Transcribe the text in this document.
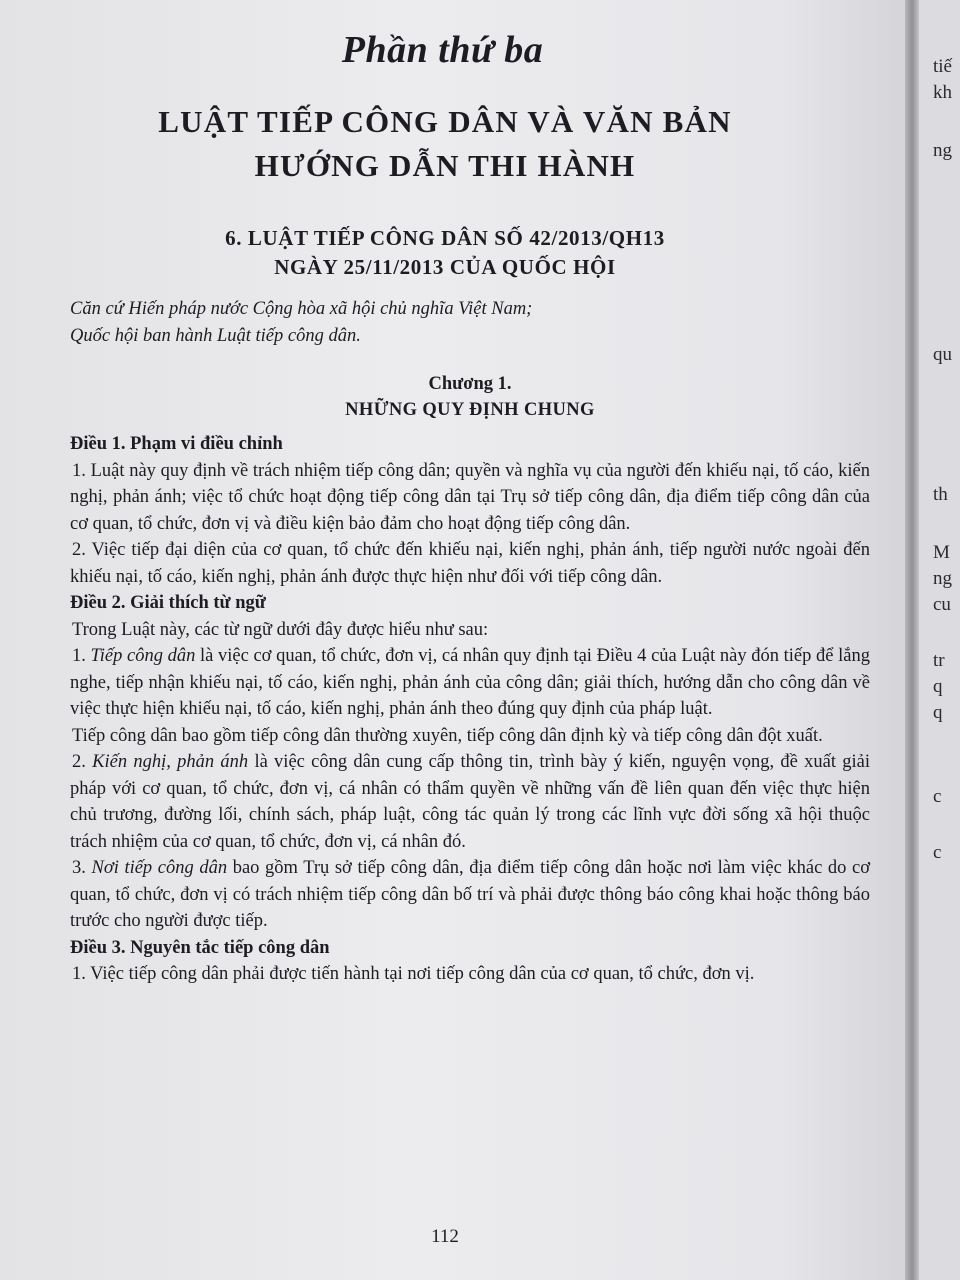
Phần thứ ba
LUẬT TIẾP CÔNG DÂN VÀ VĂN BẢN
HƯỚNG DẪN THI HÀNH
6. LUẬT TIẾP CÔNG DÂN SỐ 42/2013/QH13
NGÀY 25/11/2013 CỦA QUỐC HỘI

Căn cứ Hiến pháp nước Cộng hòa xã hội chủ nghĩa Việt Nam;

Quốc hội ban hành Luật tiếp công dân.

Chương 1.

NHỮNG QUY ĐỊNH CHUNG

Điều 1. Phạm vi điều chỉnh

1. Luật này quy định về trách nhiệm tiếp công dân; quyền và nghĩa vụ của người đến khiếu nại, tố cáo, kiến nghị, phản ánh; việc tổ chức hoạt động tiếp công dân tại Trụ sở tiếp công dân, địa điểm tiếp công dân của cơ quan, tổ chức, đơn vị và điều kiện bảo đảm cho hoạt động tiếp công dân.

2. Việc tiếp đại diện của cơ quan, tổ chức đến khiếu nại, kiến nghị, phản ánh, tiếp người nước ngoài đến khiếu nại, tố cáo, kiến nghị, phản ánh được thực hiện như đối với tiếp công dân.

Điều 2. Giải thích từ ngữ

Trong Luật này, các từ ngữ dưới đây được hiểu như sau:

1. Tiếp công dân là việc cơ quan, tổ chức, đơn vị, cá nhân quy định tại Điều 4 của Luật này đón tiếp để lắng nghe, tiếp nhận khiếu nại, tố cáo, kiến nghị, phản ánh của công dân; giải thích, hướng dẫn cho công dân về việc thực hiện khiếu nại, tố cáo, kiến nghị, phản ánh theo đúng quy định của pháp luật.

Tiếp công dân bao gồm tiếp công dân thường xuyên, tiếp công dân định kỳ và tiếp công dân đột xuất.

2. Kiến nghị, phản ánh là việc công dân cung cấp thông tin, trình bày ý kiến, nguyện vọng, đề xuất giải pháp với cơ quan, tổ chức, đơn vị, cá nhân có thẩm quyền về những vấn đề liên quan đến việc thực hiện chủ trương, đường lối, chính sách, pháp luật, công tác quản lý trong các lĩnh vực đời sống xã hội thuộc trách nhiệm của cơ quan, tổ chức, đơn vị, cá nhân đó.

3. Nơi tiếp công dân bao gồm Trụ sở tiếp công dân, địa điểm tiếp công dân hoặc nơi làm việc khác do cơ quan, tổ chức, đơn vị có trách nhiệm tiếp công dân bố trí và phải được thông báo công khai hoặc thông báo trước cho người được tiếp.

Điều 3. Nguyên tắc tiếp công dân

1. Việc tiếp công dân phải được tiến hành tại nơi tiếp công dân của cơ quan, tổ chức, đơn vị.

112
tiế
kh
ng
qu
th
M
ng
cu
tr
q
q
c
c
